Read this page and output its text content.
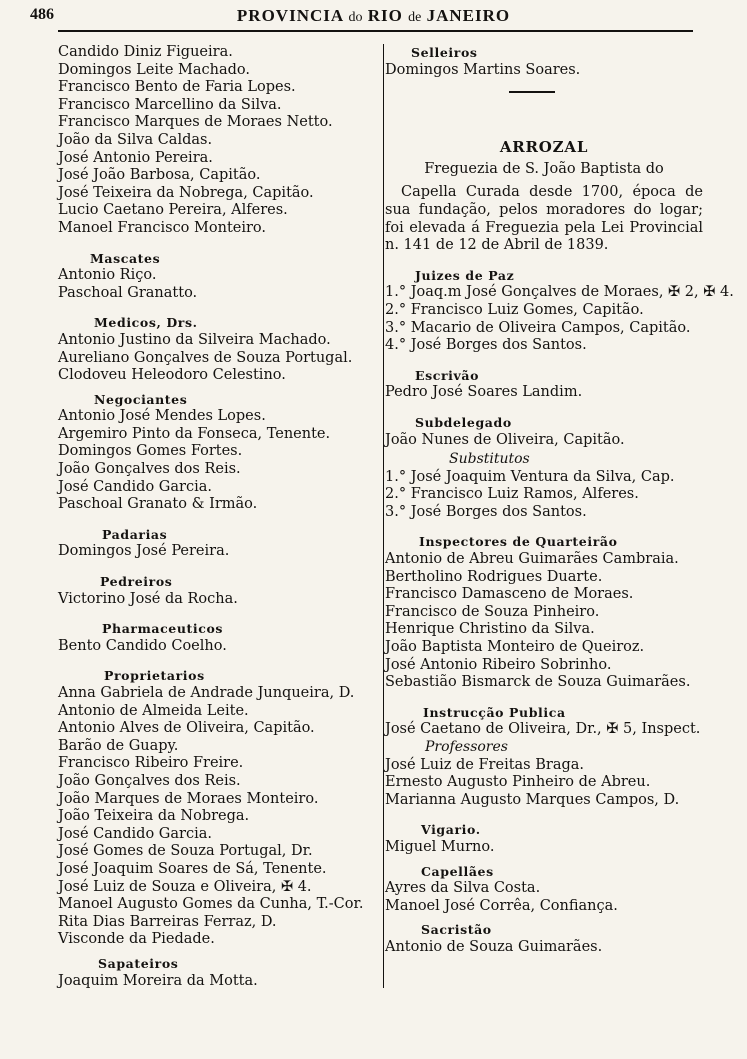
486	PROVINCIA do RIO de JANEIRO
Candido Diniz Figueira.
Domingos Leite Machado.
Francisco Bento de Faria Lopes.
Francisco Marcellino da Silva.
Francisco Marques de Moraes Netto.
João da Silva Caldas.
José Antonio Pereira.
José João Barbosa, Capitão.
José Teixeira da Nobrega, Capitão.
Lucio Caetano Pereira, Alferes.
Manoel Francisco Monteiro.
Mascates
Antonio Riço.
Paschoal Granatto.
Medicos, Drs.
Antonio Justino da Silveira Machado.
Aureliano Gonçalves de Souza Portugal.
Clodoveu Heleodoro Celestino.
Negociantes
Antonio José Mendes Lopes.
Argemiro Pinto da Fonseca, Tenente.
Domingos Gomes Fortes.
João Gonçalves dos Reis.
José Candido Garcia.
Paschoal Granato & Irmão.
Padarias
Domingos José Pereira.
Pedreiros
Victorino José da Rocha.
Pharmaceuticos
Bento Candido Coelho.
Proprietarios
Anna Gabriela de Andrade Junqueira, D.
Antonio de Almeida Leite.
Antonio Alves de Oliveira, Capitão.
Barão de Guapy.
Francisco Ribeiro Freire.
João Gonçalves dos Reis.
João Marques de Moraes Monteiro.
João Teixeira da Nobrega.
José Candido Garcia.
José Gomes de Souza Portugal, Dr.
José Joaquim Soares de Sá, Tenente.
José Luiz de Souza e Oliveira, ✠ 4.
Manoel Augusto Gomes da Cunha, T.-Cor.
Rita Dias Barreiras Ferraz, D.
Visconde da Piedade.
Sapateiros
Joaquim Moreira da Motta.
Selleiros
Domingos Martins Soares.
ARROZAL
Freguezia de S. João Baptista do
Capella Curada desde 1700, época de sua fundação, pelos moradores do logar; foi elevada á Freguezia pela Lei Provincial n. 141 de 12 de Abril de 1839.
Juizes de Paz
1.° Joaq.m José Gonçalves de Moraes, ✠ 2, ✠ 4.
2.° Francisco Luiz Gomes, Capitão.
3.° Macario de Oliveira Campos, Capitão.
4.° José Borges dos Santos.
Escrivão
Pedro José Soares Landim.
Subdelegado
João Nunes de Oliveira, Capitão.
Substitutos
1.° José Joaquim Ventura da Silva, Cap.
2.° Francisco Luiz Ramos, Alferes.
3.° José Borges dos Santos.
Inspectores de Quarteirão
Antonio de Abreu Guimarães Cambraia.
Bertholino Rodrigues Duarte.
Francisco Damasceno de Moraes.
Francisco de Souza Pinheiro.
Henrique Christino da Silva.
João Baptista Monteiro de Queiroz.
José Antonio Ribeiro Sobrinho.
Sebastião Bismarck de Souza Guimarães.
Instrucção Publica
José Caetano de Oliveira, Dr., ✠ 5, Inspect.
Professores
José Luiz de Freitas Braga.
Ernesto Augusto Pinheiro de Abreu.
Marianna Augusto Marques Campos, D.
Vigario.
Miguel Murno.
Capellães
Ayres da Silva Costa.
Manoel José Corrêa, Confiança.
Sacristão
Antonio de Souza Guimarães.
